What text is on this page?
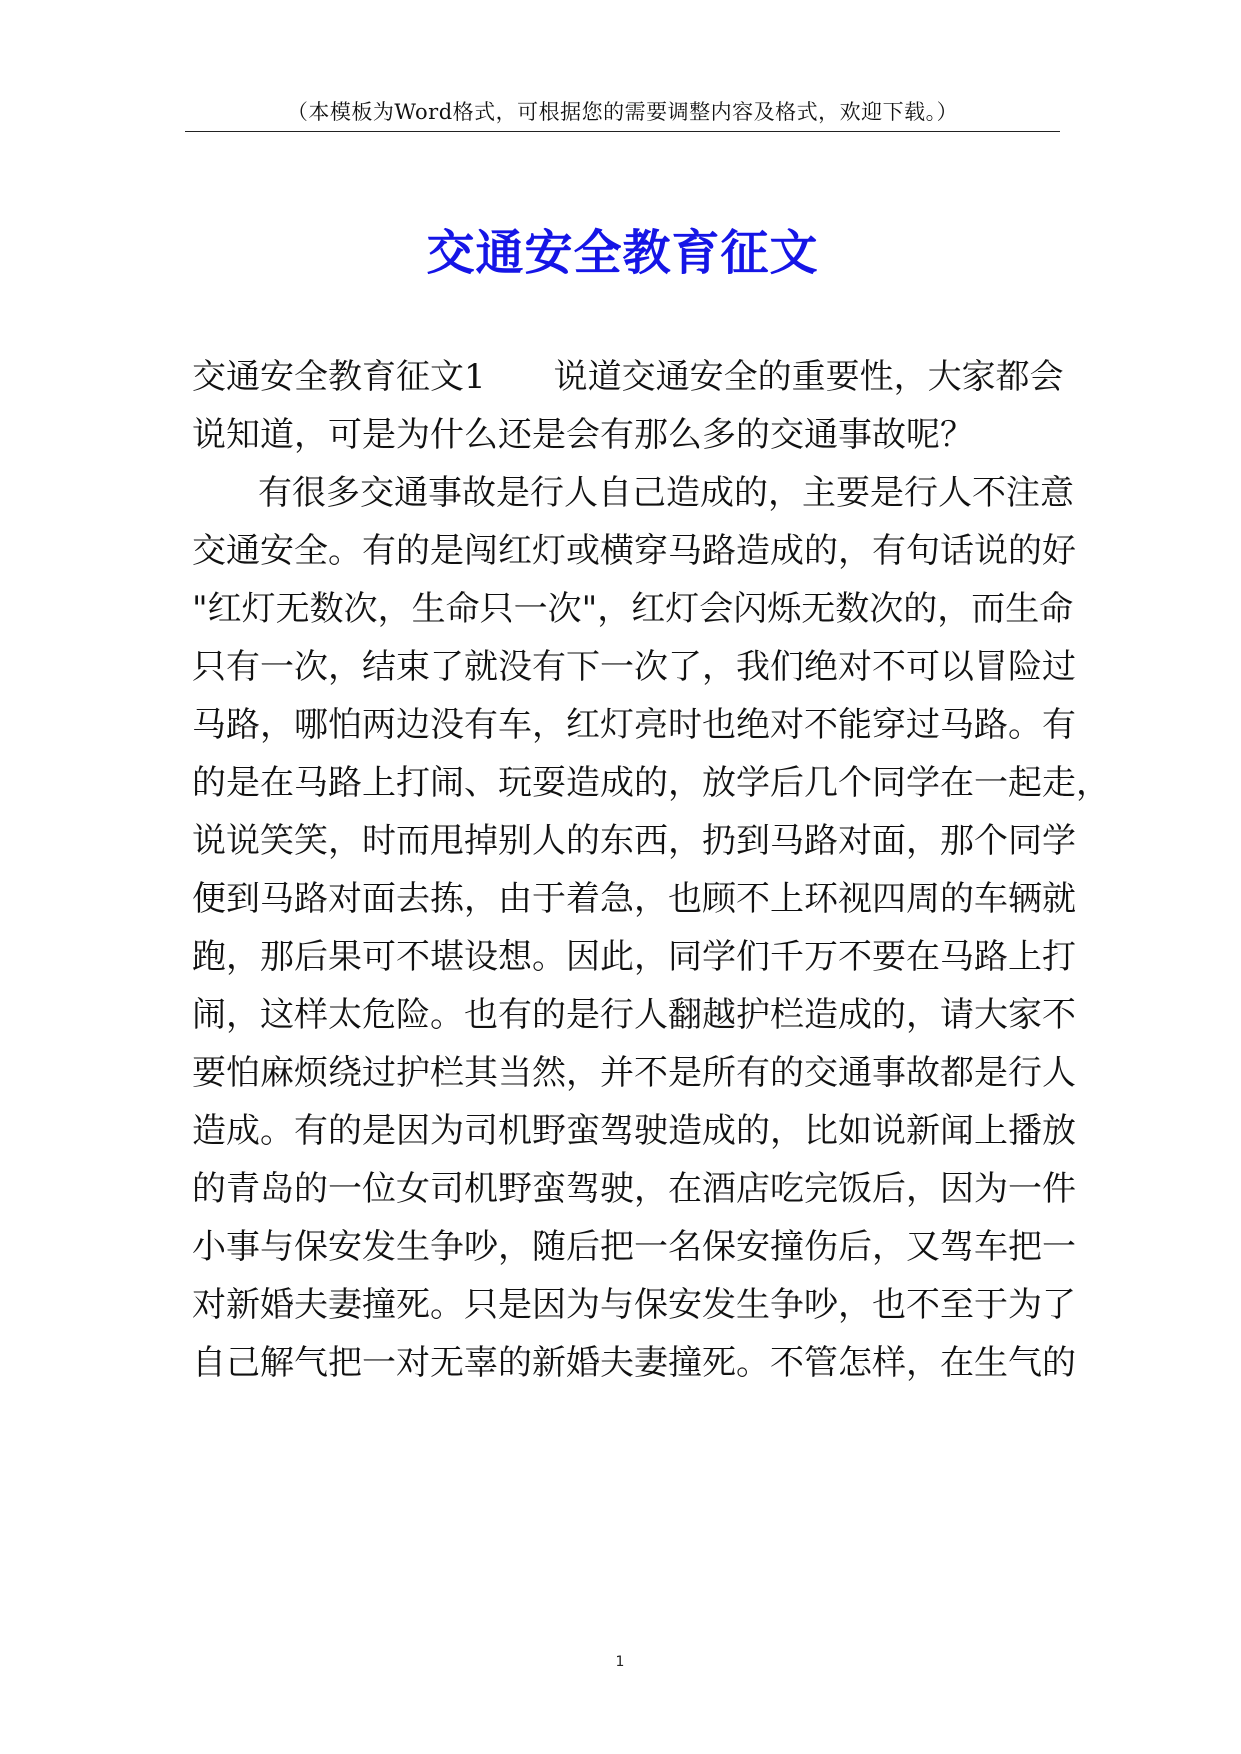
（本模板为Word格式，可根据您的需要调整内容及格式，欢迎下载。）
交通安全教育征文
交通安全教育征文1　　说道交通安全的重要性，大家都会
说知道，可是为什么还是会有那么多的交通事故呢？
有很多交通事故是行人自己造成的，主要是行人不注意
交通安全。有的是闯红灯或横穿马路造成的，有句话说的好
"红灯无数次，生命只一次"，红灯会闪烁无数次的，而生命
只有一次，结束了就没有下一次了，我们绝对不可以冒险过
马路，哪怕两边没有车，红灯亮时也绝对不能穿过马路。有
的是在马路上打闹、玩耍造成的，放学后几个同学在一起走，
说说笑笑，时而甩掉别人的东西，扔到马路对面，那个同学
便到马路对面去拣，由于着急，也顾不上环视四周的车辆就
跑，那后果可不堪设想。因此，同学们千万不要在马路上打
闹，这样太危险。也有的是行人翻越护栏造成的，请大家不
要怕麻烦绕过护栏其当然，并不是所有的交通事故都是行人
造成。有的是因为司机野蛮驾驶造成的，比如说新闻上播放
的青岛的一位女司机野蛮驾驶，在酒店吃完饭后，因为一件
小事与保安发生争吵，随后把一名保安撞伤后，又驾车把一
对新婚夫妻撞死。只是因为与保安发生争吵，也不至于为了
自己解气把一对无辜的新婚夫妻撞死。不管怎样，在生气的
1
